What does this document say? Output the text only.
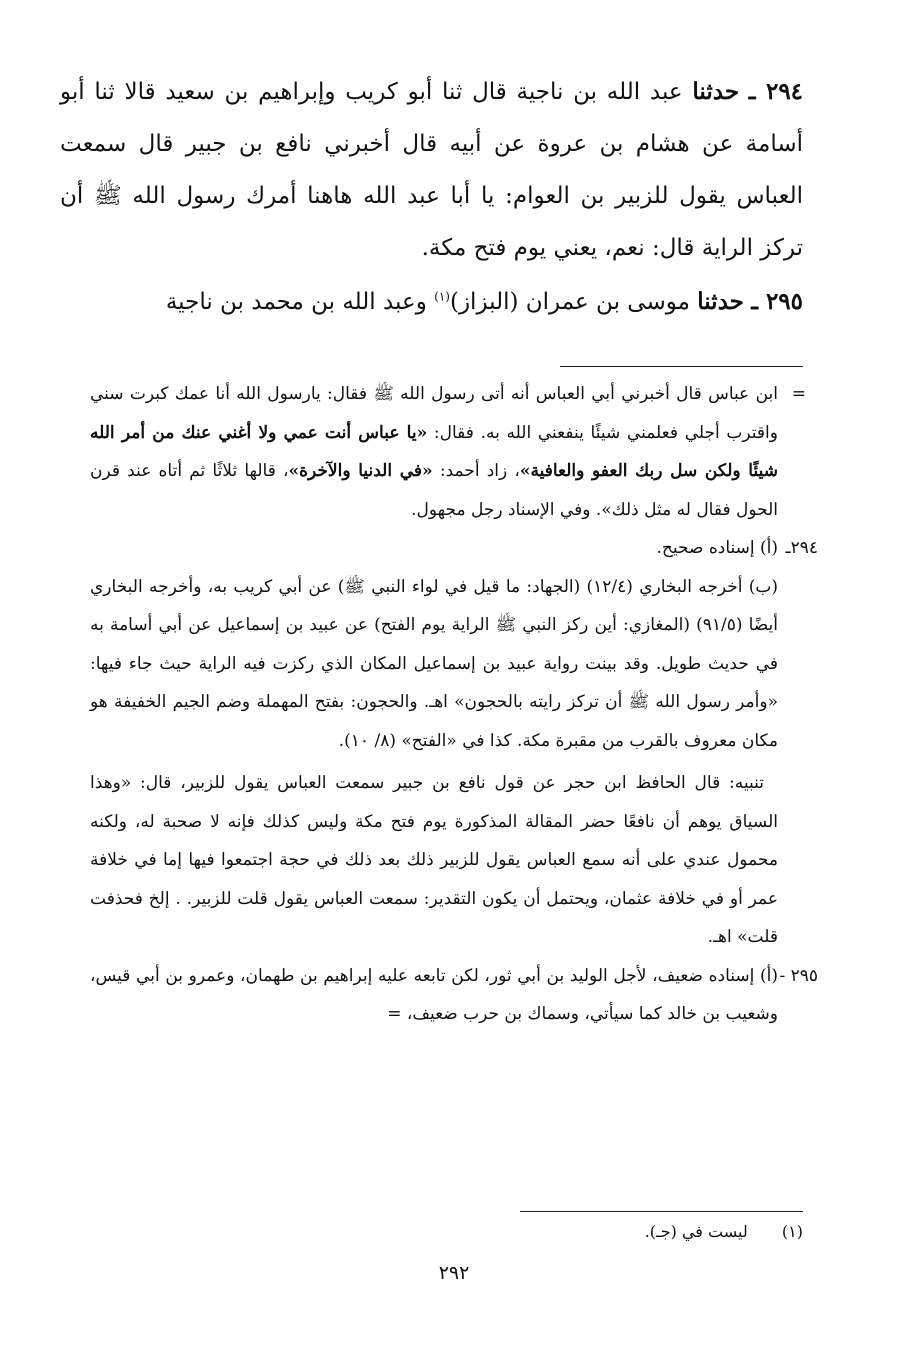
٢٩٤ ـ حدثنا عبد الله بن ناجية قال ثنا أبو كريب وإبراهيم بن سعيد قالا ثنا أبو أسامة عن هشام بن عروة عن أبيه قال أخبرني نافع بن جبير قال سمعت العباس يقول للزبير بن العوام: يا أبا عبد الله هاهنا أمرك رسول الله ﷺ أن تركز الراية قال: نعم، يعني يوم فتح مكة.

٢٩٥ ـ حدثنا موسى بن عمران (البزاز)$^{(١)}$ وعبد الله بن محمد بن ناجية

=
ابن عباس قال أخبرني أبي العباس أنه أتى رسول الله ﷺ فقال: يارسول الله أنا عمك كبرت سني واقترب أجلي فعلمني شيئًا ينفعني الله به. فقال: «يا عباس أنت عمي ولا أغني عنك من أمر الله شيئًا ولكن سل ربك العفو والعافية»، زاد أحمد: «في الدنيا والآخرة»، قالها ثلاثًا ثم أتاه عند قرن الحول فقال له مثل ذلك». وفي الإسناد رجل مجهول.

٢٩٤ـ
(أ) إسناده صحيح.

(ب) أخرجه البخاري (١٢/٤) (الجهاد: ما قيل في لواء النبي ﷺ) عن أبي كريب به، وأخرجه البخاري أيضًا (٩١/٥) (المغازي: أين ركز النبي ﷺ الراية يوم الفتح) عن عبيد بن إسماعيل عن أبي أسامة به في حديث طويل. وقد بينت رواية عبيد بن إسماعيل المكان الذي ركزت فيه الراية حيث جاء فيها: «وأمر رسول الله ﷺ أن تركز رايته بالحجون» اهـ. والحجون: بفتح المهملة وضم الجيم الخفيفة هو مكان معروف بالقرب من مقبرة مكة. كذا في «الفتح» (٨/ ١٠).

تنبيه: قال الحافظ ابن حجر عن قول نافع بن جبير سمعت العباس يقول للزبير، قال: «وهذا السياق يوهم أن نافعًا حضر المقالة المذكورة يوم فتح مكة وليس كذلك فإنه لا صحبة له، ولكنه محمول عندي على أنه سمع العباس يقول للزبير ذلك بعد ذلك في حجة اجتمعوا فيها إما في خلافة عمر أو في خلافة عثمان، ويحتمل أن يكون التقدير: سمعت العباس يقول قلت للزبير. . إلخ فحذفت قلت» اهـ.

٢٩٥ -
(أ) إسناده ضعيف، لأجل الوليد بن أبي ثور، لكن تابعه عليه إبراهيم بن طهمان، وعمرو بن أبي قيس، وشعيب بن خالد كما سيأتي، وسماك بن حرب ضعيف، =

(١)  ليست في (جـ).
٢٩٢
